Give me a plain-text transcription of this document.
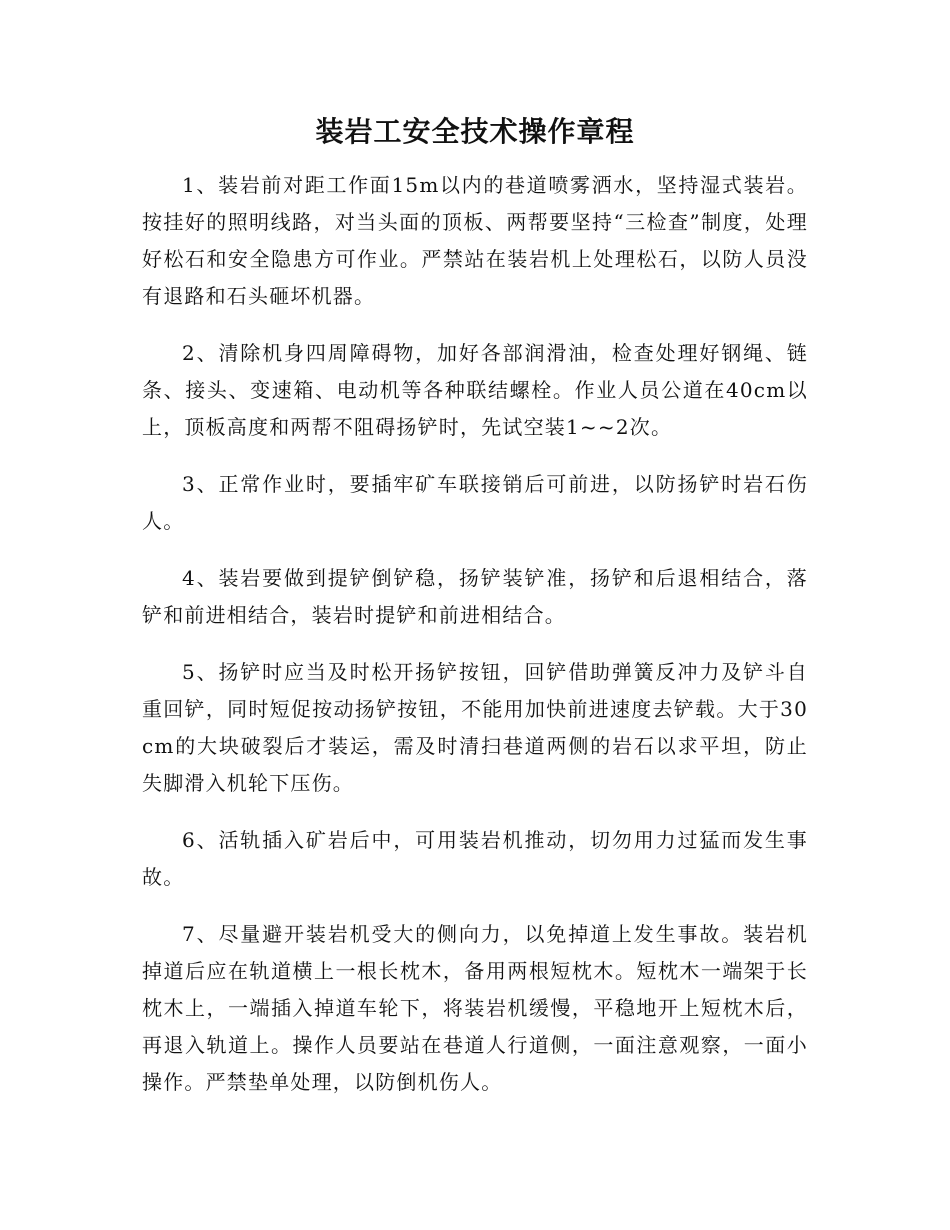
装岩工安全技术操作章程

1、装岩前对距工作面15m以内的巷道喷雾洒水，坚持湿式装岩。按挂好的照明线路，对当头面的顶板、两帮要坚持“三检查”制度，处理好松石和安全隐患方可作业。严禁站在装岩机上处理松石，以防人员没有退路和石头砸坏机器。

2、清除机身四周障碍物，加好各部润滑油，检查处理好钢绳、链条、接头、变速箱、电动机等各种联结螺栓。作业人员公道在40cm以上，顶板高度和两帮不阻碍扬铲时，先试空装1~~2次。

3、正常作业时，要插牢矿车联接销后可前进，以防扬铲时岩石伤人。

4、装岩要做到提铲倒铲稳，扬铲装铲准，扬铲和后退相结合，落铲和前进相结合，装岩时提铲和前进相结合。

5、扬铲时应当及时松开扬铲按钮，回铲借助弹簧反冲力及铲斗自重回铲，同时短促按动扬铲按钮，不能用加快前进速度去铲载。大于30cm的大块破裂后才装运，需及时清扫巷道两侧的岩石以求平坦，防止失脚滑入机轮下压伤。

6、活轨插入矿岩后中，可用装岩机推动，切勿用力过猛而发生事故。

7、尽量避开装岩机受大的侧向力，以免掉道上发生事故。装岩机掉道后应在轨道横上一根长枕木，备用两根短枕木。短枕木一端架于长枕木上，一端插入掉道车轮下，将装岩机缓慢，平稳地开上短枕木后，再退入轨道上。操作人员要站在巷道人行道侧，一面注意观察，一面小操作。严禁垫单处理，以防倒机伤人。
